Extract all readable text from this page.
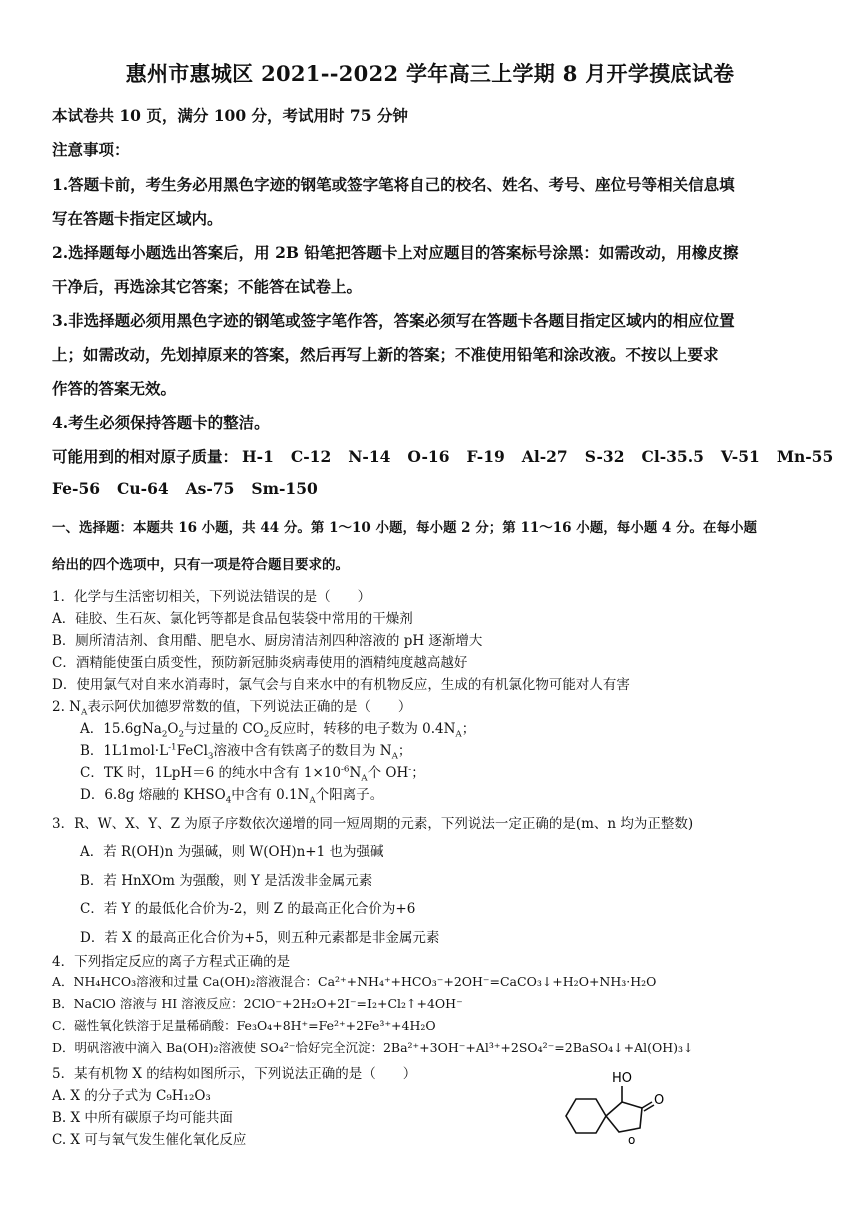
惠州市惠城区 2021--2022 学年高三上学期 8 月开学摸底试卷
本试卷共 10 页，满分 100 分，考试用时 75 分钟
注意事项：
1.答题卡前，考生务必用黑色字迹的钢笔或签字笔将自己的校名、姓名、考号、座位号等相关信息填
写在答题卡指定区域内。
2.选择题每小题选出答案后，用 2B 铅笔把答题卡上对应题目的答案标号涂黑：如需改动，用橡皮擦
干净后，再选涂其它答案；不能答在试卷上。
3.非选择题必须用黑色字迹的钢笔或签字笔作答，答案必须写在答题卡各题目指定区域内的相应位置
上；如需改动，先划掉原来的答案，然后再写上新的答案；不准使用铅笔和涂改液。不按以上要求
作答的答案无效。
4.考生必须保持答题卡的整洁。
可能用到的相对原子质量： H-1 C-12 N-14 O-16 F-19 Al-27 S-32 Cl-35.5 V-51 Mn-55
Fe-56 Cu-64 As-75 Sm-150
一、选择题：本题共 16 小题，共 44 分。第 1～10 小题，每小题 2 分；第 11～16 小题，每小题 4 分。在每小题
给出的四个选项中，只有一项是符合题目要求的。
1．化学与生活密切相关，下列说法错误的是（　　）
A．硅胶、生石灰、氯化钙等都是食品包装袋中常用的干燥剂
B．厕所清洁剂、食用醋、肥皂水、厨房清洁剂四种溶液的 pH 逐渐增大
C．酒精能使蛋白质变性，预防新冠肺炎病毒使用的酒精纯度越高越好
D．使用氯气对自来水消毒时，氯气会与自来水中的有机物反应，生成的有机氯化物可能对人有害
2. $N_A$表示阿伏加德罗常数的值，下列说法正确的是（　　）
A．$15.6gNa_2O_2$与过量的 $CO_2$反应时，转移的电子数为 $0.4N_A$；
B．$1L1mol\cdot L^{-1}FeCl_3$溶液中含有铁离子的数目为 $N_A$；
C．TK 时，1LpH＝6 的纯水中含有 $1\times 10^{-6}N_A$个 OH-；
D．6.8g 熔融的 $KHSO_4$中含有 $0.1N_A$个阳离子。
3．R、W、X、Y、Z 为原子序数依次递增的同一短周期的元素，下列说法一定正确的是(m、n 均为正整数)
A．若 R(OH)n 为强碱，则 W(OH)n+1 也为强碱
B．若 HnXOm 为强酸，则 Y 是活泼非金属元素
C．若 Y 的最低化合价为-2，则 Z 的最高正化合价为+6
D．若 X 的最高正化合价为+5，则五种元素都是非金属元素
4．下列指定反应的离子方程式正确的是
A．NH₄HCO₃溶液和过量 Ca(OH)₂溶液混合：Ca²⁺+NH₄⁺+HCO₃⁻+2OH⁻=CaCO₃↓+H₂O+NH₃·H₂O
B．NaClO 溶液与 HI 溶液反应：2ClO⁻+2H₂O+2I⁻=I₂+Cl₂↑+4OH⁻
C．磁性氧化铁溶于足量稀硝酸：Fe₃O₄+8H⁺=Fe²⁺+2Fe³⁺+4H₂O
D．明矾溶液中滴入 Ba(OH)₂溶液使 SO₄²⁻恰好完全沉淀：2Ba²⁺+3OH⁻+Al³⁺+2SO₄²⁻=2BaSO₄↓+Al(OH)₃↓
5．某有机物 X 的结构如图所示，下列说法正确的是（　　）
A. X 的分子式为 C₉H₁₂O₃
B. X 中所有碳原子均可能共面
C. X 可与氧气发生催化氧化反应
HO
O
o
